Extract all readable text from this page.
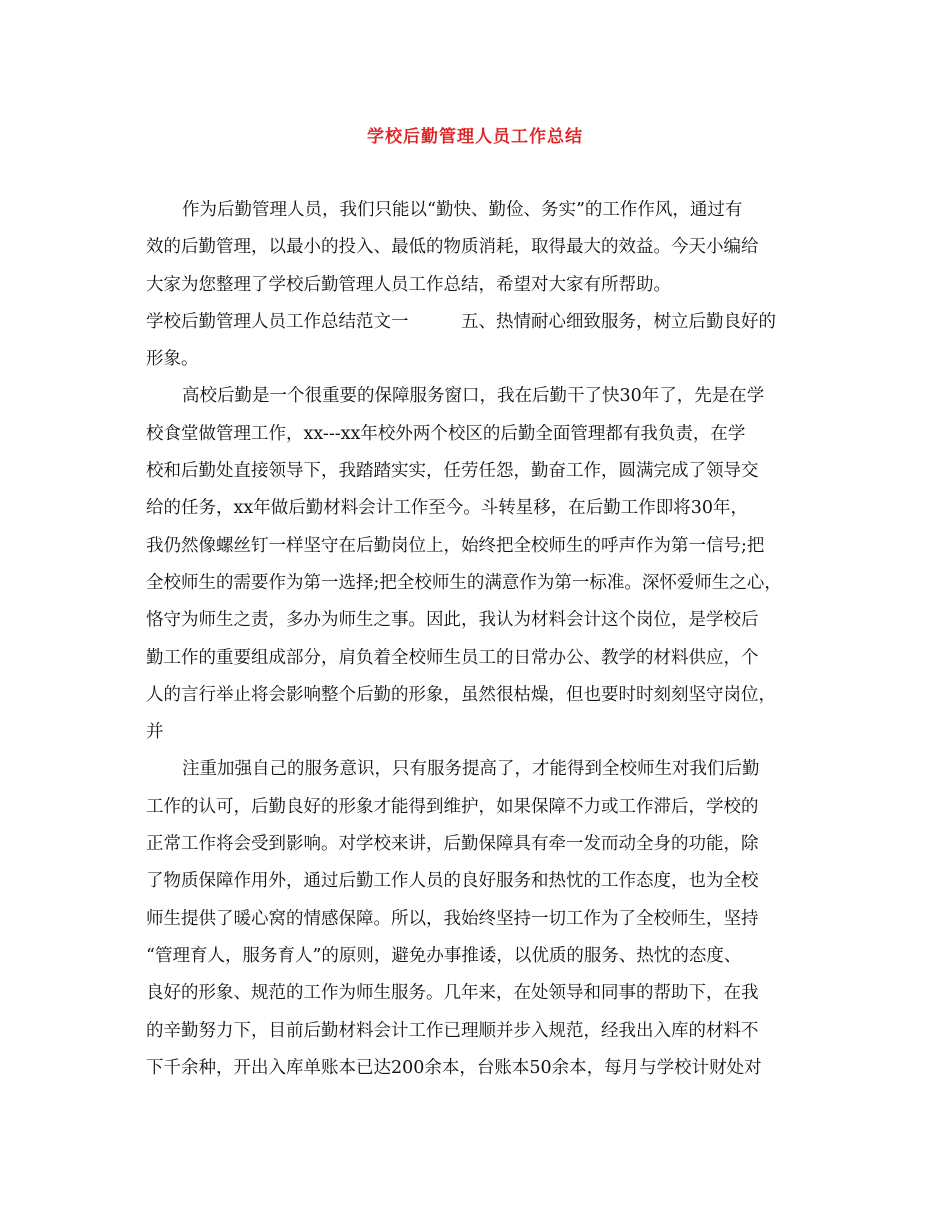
学校后勤管理人员工作总结
作为后勤管理人员，我们只能以“勤快、勤俭、务实”的工作作风，通过有
效的后勤管理，以最小的投入、最低的物质消耗，取得最大的效益。今天小编给
大家为您整理了学校后勤管理人员工作总结，希望对大家有所帮助。
学校后勤管理人员工作总结范文一　　　五、热情耐心细致服务，树立后勤良好的
形象。
高校后勤是一个很重要的保障服务窗口，我在后勤干了快30年了，先是在学
校食堂做管理工作，xx---xx年校外两个校区的后勤全面管理都有我负责，在学
校和后勤处直接领导下，我踏踏实实，任劳任怨，勤奋工作，圆满完成了领导交
给的任务，xx年做后勤材料会计工作至今。斗转星移，在后勤工作即将30年，
我仍然像螺丝钉一样坚守在后勤岗位上，始终把全校师生的呼声作为第一信号;把
全校师生的需要作为第一选择;把全校师生的满意作为第一标准。深怀爱师生之心，
恪守为师生之责，多办为师生之事。因此，我认为材料会计这个岗位，是学校后
勤工作的重要组成部分，肩负着全校师生员工的日常办公、教学的材料供应，个
人的言行举止将会影响整个后勤的形象，虽然很枯燥，但也要时时刻刻坚守岗位，
并
注重加强自己的服务意识，只有服务提高了，才能得到全校师生对我们后勤
工作的认可，后勤良好的形象才能得到维护，如果保障不力或工作滞后，学校的
正常工作将会受到影响。对学校来讲，后勤保障具有牵一发而动全身的功能，除
了物质保障作用外，通过后勤工作人员的良好服务和热忱的工作态度，也为全校
师生提供了暖心窝的情感保障。所以，我始终坚持一切工作为了全校师生，坚持
“管理育人，服务育人”的原则，避免办事推诿，以优质的服务、热忱的态度、
良好的形象、规范的工作为师生服务。几年来，在处领导和同事的帮助下，在我
的辛勤努力下，目前后勤材料会计工作已理顺并步入规范，经我出入库的材料不
下千余种，开出入库单账本已达200余本，台账本50余本，每月与学校计财处对
